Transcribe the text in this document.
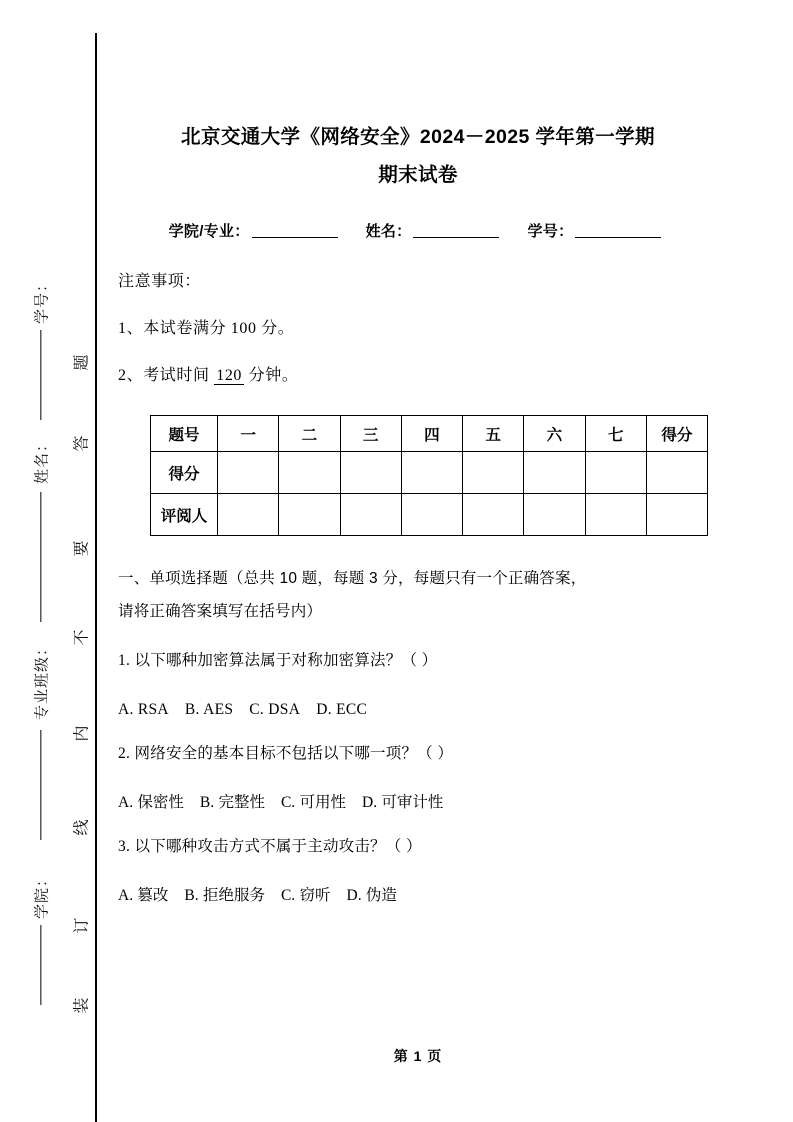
学号：
姓名：
专业班级：
学院：
题
答
要
不
内
线
订
装
北京交通大学《网络安全》2024－2025 学年第一学期
期末试卷
学院/专业：	姓名：	学号：

注意事项：

1、本试卷满分 100 分。

2、考试时间 120 分钟。

题号	一	二	三	四	五	六	七	得分
得分								
评阅人								

一、单项选择题（总共 10 题，每题 3 分，每题只有一个正确答案，
请将正确答案填写在括号内）

1. 以下哪种加密算法属于对称加密算法？（ ）
A. RSA B. AES C. DSA D. ECC
2. 网络安全的基本目标不包括以下哪一项？（ ）
A. 保密性 B. 完整性 C. 可用性 D. 可审计性
3. 以下哪种攻击方式不属于主动攻击？（ ）
A. 篡改 B. 拒绝服务 C. 窃听 D. 伪造
第 1 页
